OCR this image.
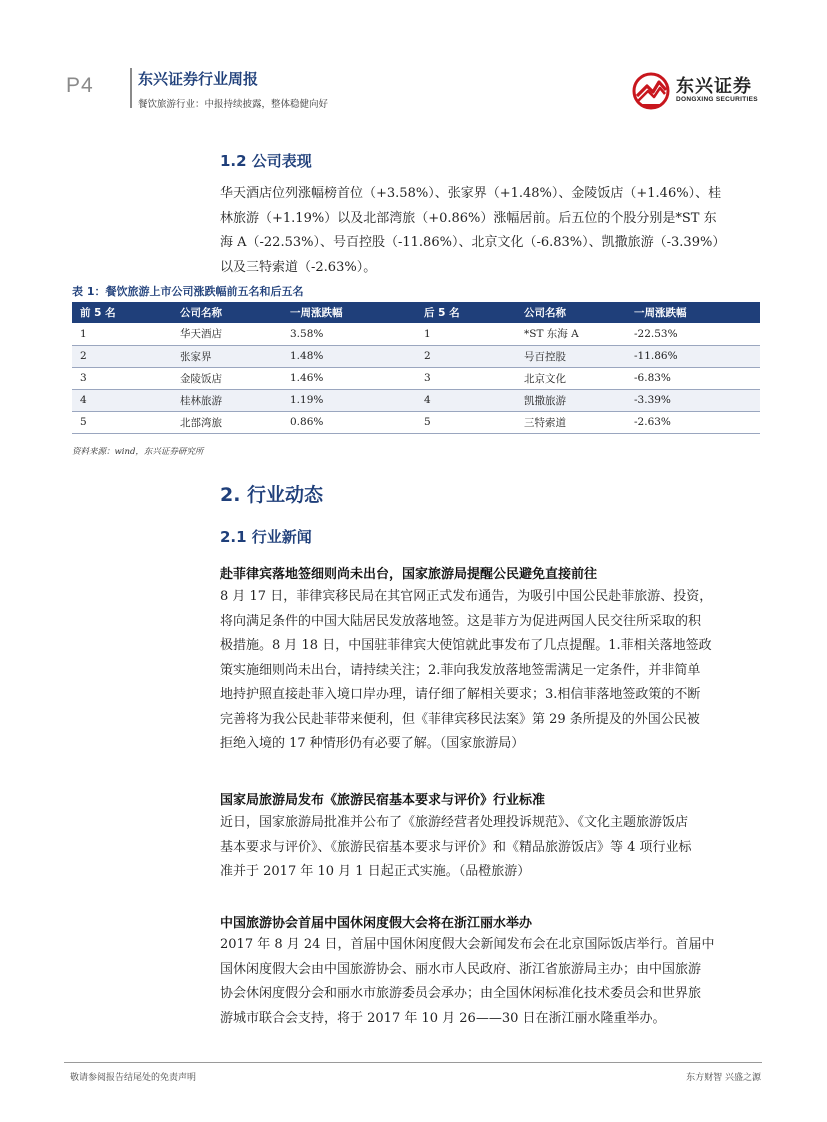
P4	东兴证券行业周报
餐饮旅游行业：中报持续披露，整体稳健向好
东兴证券
DONGXING SECURITIES
1.2 公司表现
华天酒店位列涨幅榜首位（+3.58%）、张家界（+1.48%）、金陵饭店（+1.46%）、桂
林旅游（+1.19%）以及北部湾旅（+0.86%）涨幅居前。后五位的个股分别是*ST 东
海 A（-22.53%）、号百控股（-11.86%）、北京文化（-6.83%）、凯撒旅游（-3.39%）
以及三特索道（-2.63%）。
表 1：餐饮旅游上市公司涨跌幅前五名和后五名
前 5 名	公司名称	一周涨跌幅	后 5 名	公司名称	一周涨跌幅
1	华天酒店	3.58%	1	*ST 东海 A	-22.53%
2	张家界	1.48%	2	号百控股	-11.86%
3	金陵饭店	1.46%	3	北京文化	-6.83%
4	桂林旅游	1.19%	4	凯撒旅游	-3.39%
5	北部湾旅	0.86%	5	三特索道	-2.63%
资料来源：wind，东兴证券研究所
2. 行业动态
2.1 行业新闻
赴菲律宾落地签细则尚未出台，国家旅游局提醒公民避免直接前往
8 月 17 日，菲律宾移民局在其官网正式发布通告，为吸引中国公民赴菲旅游、投资，
将向满足条件的中国大陆居民发放落地签。这是菲方为促进两国人民交往所采取的积
极措施。8 月 18 日，中国驻菲律宾大使馆就此事发布了几点提醒。1.菲相关落地签政
策实施细则尚未出台，请持续关注；2.菲向我发放落地签需满足一定条件，并非简单
地持护照直接赴菲入境口岸办理，请仔细了解相关要求；3.相信菲落地签政策的不断
完善将为我公民赴菲带来便利，但《菲律宾移民法案》第 29 条所提及的外国公民被
拒绝入境的 17 种情形仍有必要了解。（国家旅游局）
国家局旅游局发布《旅游民宿基本要求与评价》行业标准
近日，国家旅游局批准并公布了《旅游经营者处理投诉规范》、《文化主题旅游饭店
基本要求与评价》、《旅游民宿基本要求与评价》和《精品旅游饭店》等 4 项行业标
准并于 2017 年 10 月 1 日起正式实施。（品橙旅游）
中国旅游协会首届中国休闲度假大会将在浙江丽水举办
2017 年 8 月 24 日，首届中国休闲度假大会新闻发布会在北京国际饭店举行。首届中
国休闲度假大会由中国旅游协会、丽水市人民政府、浙江省旅游局主办；由中国旅游
协会休闲度假分会和丽水市旅游委员会承办；由全国休闲标准化技术委员会和世界旅
游城市联合会支持，将于 2017 年 10 月 26——30 日在浙江丽水隆重举办。
敬请参阅报告结尾处的免责声明	东方财智 兴盛之源
